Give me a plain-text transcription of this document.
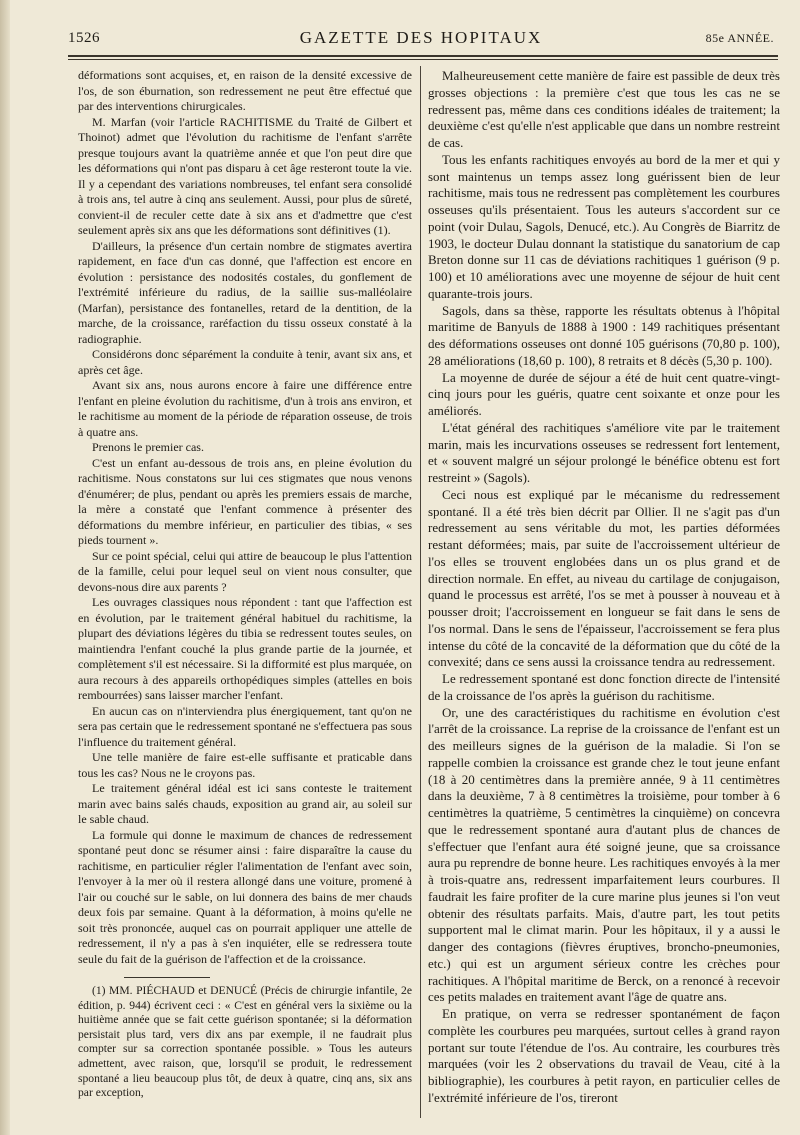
1526	GAZETTE DES HOPITAUX	85e ANNÉE.

déformations sont acquises, et, en raison de la densité excessive de l'os, de son éburnation, son redressement ne peut être effectué que par des interventions chirurgicales.

M. Marfan (voir l'article RACHITISME du Traité de Gilbert et Thoinot) admet que l'évolution du rachitisme de l'enfant s'arrête presque toujours avant la quatrième année et que l'on peut dire que les déformations qui n'ont pas disparu à cet âge resteront toute la vie. Il y a cependant des variations nombreuses, tel enfant sera consolidé à trois ans, tel autre à cinq ans seulement. Aussi, pour plus de sûreté, convient-il de reculer cette date à six ans et d'admettre que c'est seulement après six ans que les déformations sont définitives (1).

D'ailleurs, la présence d'un certain nombre de stigmates avertira rapidement, en face d'un cas donné, que l'affection est encore en évolution : persistance des nodosités costales, du gonflement de l'extrémité inférieure du radius, de la saillie sus-malléolaire (Marfan), persistance des fontanelles, retard de la dentition, de la marche, de la croissance, raréfaction du tissu osseux constaté à la radiographie.

Considérons donc séparément la conduite à tenir, avant six ans, et après cet âge.

Avant six ans, nous aurons encore à faire une différence entre l'enfant en pleine évolution du rachitisme, d'un à trois ans environ, et le rachitisme au moment de la période de réparation osseuse, de trois à quatre ans.

Prenons le premier cas.

C'est un enfant au-dessous de trois ans, en pleine évolution du rachitisme. Nous constatons sur lui ces stigmates que nous venons d'énumérer; de plus, pendant ou après les premiers essais de marche, la mère a constaté que l'enfant commence à présenter des déformations du membre inférieur, en particulier des tibias, « ses pieds tournent ».

Sur ce point spécial, celui qui attire de beaucoup le plus l'attention de la famille, celui pour lequel seul on vient nous consulter, que devons-nous dire aux parents ?

Les ouvrages classiques nous répondent : tant que l'affection est en évolution, par le traitement général habituel du rachitisme, la plupart des déviations légères du tibia se redressent toutes seules, on maintiendra l'enfant couché la plus grande partie de la journée, et complètement s'il est nécessaire. Si la difformité est plus marquée, on aura recours à des appareils orthopédiques simples (attelles en bois rembourrées) sans laisser marcher l'enfant.

En aucun cas on n'interviendra plus énergiquement, tant qu'on ne sera pas certain que le redressement spontané ne s'effectuera pas sous l'influence du traitement général.

Une telle manière de faire est-elle suffisante et praticable dans tous les cas? Nous ne le croyons pas.

Le traitement général idéal est ici sans conteste le traitement marin avec bains salés chauds, exposition au grand air, au soleil sur le sable chaud.

La formule qui donne le maximum de chances de redressement spontané peut donc se résumer ainsi : faire disparaître la cause du rachitisme, en particulier régler l'alimentation de l'enfant avec soin, l'envoyer à la mer où il restera allongé dans une voiture, promené à l'air ou couché sur le sable, on lui donnera des bains de mer chauds deux fois par semaine. Quant à la déformation, à moins qu'elle ne soit très prononcée, auquel cas on pourrait appliquer une attelle de redressement, il n'y a pas à s'en inquiéter, elle se redressera toute seule du fait de la guérison de l'affection et de la croissance.

(1) MM. PIÉCHAUD et DENUCÉ (Précis de chirurgie infantile, 2e édition, p. 944) écrivent ceci : « C'est en général vers la sixième ou la huitième année que se fait cette guérison spontanée; si la déformation persistait plus tard, vers dix ans par exemple, il ne faudrait plus compter sur sa correction spontanée possible. » Tous les auteurs admettent, avec raison, que, lorsqu'il se produit, le redressement spontané a lieu beaucoup plus tôt, de deux à quatre, cinq ans, six ans par exception,

Malheureusement cette manière de faire est passible de deux très grosses objections : la première c'est que tous les cas ne se redressent pas, même dans ces conditions idéales de traitement; la deuxième c'est qu'elle n'est applicable que dans un nombre restreint de cas.

Tous les enfants rachitiques envoyés au bord de la mer et qui y sont maintenus un temps assez long guérissent bien de leur rachitisme, mais tous ne redressent pas complètement les courbures osseuses qu'ils présentaient. Tous les auteurs s'accordent sur ce point (voir Dulau, Sagols, Denucé, etc.). Au Congrès de Biarritz de 1903, le docteur Dulau donnant la statistique du sanatorium de cap Breton donne sur 11 cas de déviations rachitiques 1 guérison (9 p. 100) et 10 améliorations avec une moyenne de séjour de huit cent quarante-trois jours.

Sagols, dans sa thèse, rapporte les résultats obtenus à l'hôpital maritime de Banyuls de 1888 à 1900 : 149 rachitiques présentant des déformations osseuses ont donné 105 guérisons (70,80 p. 100), 28 améliorations (18,60 p. 100), 8 retraits et 8 décès (5,30 p. 100).

La moyenne de durée de séjour a été de huit cent quatre-vingt-cinq jours pour les guéris, quatre cent soixante et onze pour les améliorés.

L'état général des rachitiques s'améliore vite par le traitement marin, mais les incurvations osseuses se redressent fort lentement, et « souvent malgré un séjour prolongé le bénéfice obtenu est fort restreint » (Sagols).

Ceci nous est expliqué par le mécanisme du redressement spontané. Il a été très bien décrit par Ollier. Il ne s'agit pas d'un redressement au sens véritable du mot, les parties déformées restant déformées; mais, par suite de l'accroissement ultérieur de l'os elles se trouvent englobées dans un os plus grand et de direction normale. En effet, au niveau du cartilage de conjugaison, quand le processus est arrêté, l'os se met à pousser à nouveau et à pousser droit; l'accroissement en longueur se fait dans le sens de l'os normal. Dans le sens de l'épaisseur, l'accroissement se fera plus intense du côté de la concavité de la déformation que du côté de la convexité; dans ce sens aussi la croissance tendra au redressement.

Le redressement spontané est donc fonction directe de l'intensité de la croissance de l'os après la guérison du rachitisme.

Or, une des caractéristiques du rachitisme en évolution c'est l'arrêt de la croissance. La reprise de la croissance de l'enfant est un des meilleurs signes de la guérison de la maladie. Si l'on se rappelle combien la croissance est grande chez le tout jeune enfant (18 à 20 centimètres dans la première année, 9 à 11 centimètres dans la deuxième, 7 à 8 centimètres la troisième, pour tomber à 6 centimètres la quatrième, 5 centimètres la cinquième) on concevra que le redressement spontané aura d'autant plus de chances de s'effectuer que l'enfant aura été soigné jeune, que sa croissance aura pu reprendre de bonne heure. Les rachitiques envoyés à la mer à trois-quatre ans, redressent imparfaitement leurs courbures. Il faudrait les faire profiter de la cure marine plus jeunes si l'on veut obtenir des résultats parfaits. Mais, d'autre part, les tout petits supportent mal le climat marin. Pour les hôpitaux, il y a aussi le danger des contagions (fièvres éruptives, broncho-pneumonies, etc.) qui est un argument sérieux contre les crèches pour rachitiques. A l'hôpital maritime de Berck, on a renoncé à recevoir ces petits malades en traitement avant l'âge de quatre ans.

En pratique, on verra se redresser spontanément de façon complète les courbures peu marquées, surtout celles à grand rayon portant sur toute l'étendue de l'os. Au contraire, les courbures très marquées (voir les 2 observations du travail de Veau, cité à la bibliographie), les courbures à petit rayon, en particulier celles de l'extrémité inférieure de l'os, tireront
